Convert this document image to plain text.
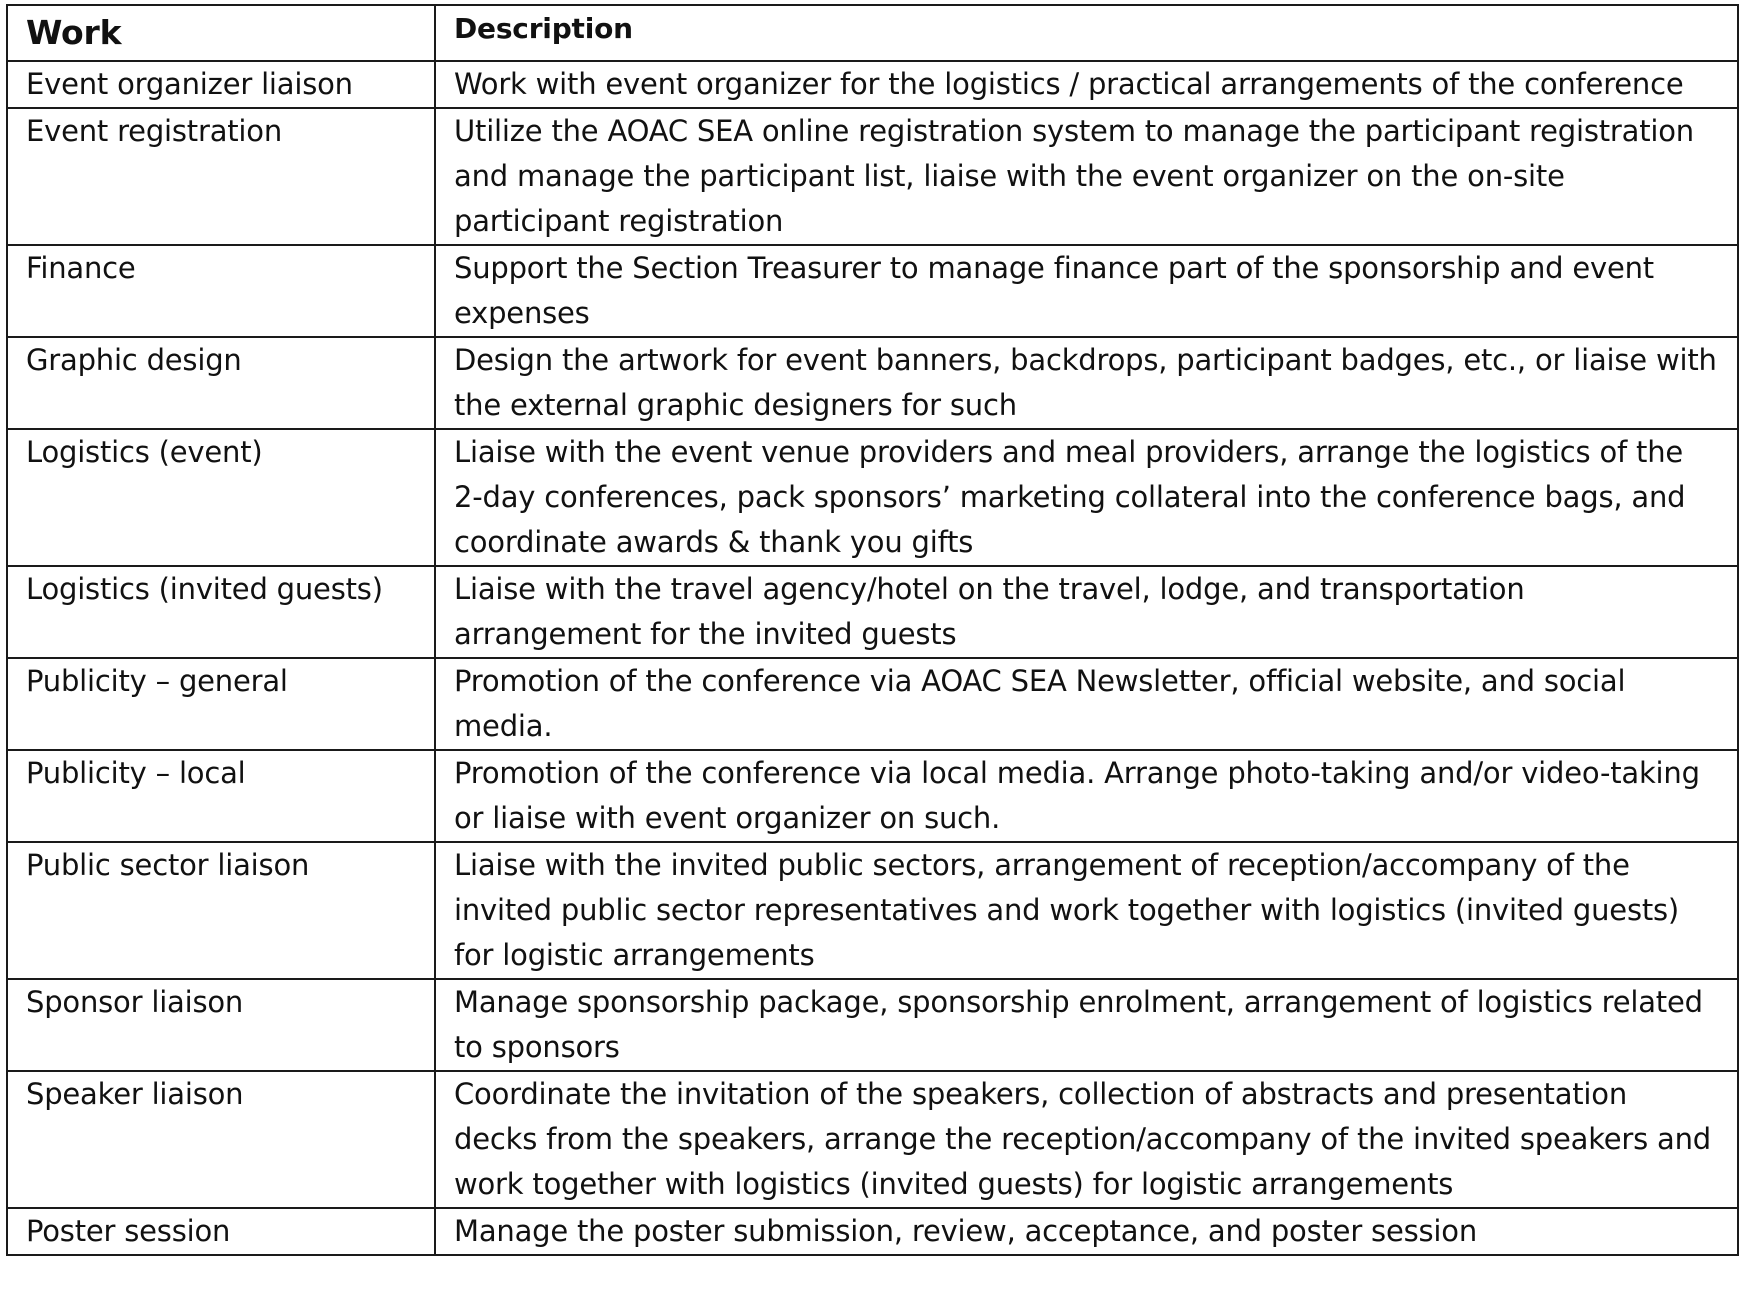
Work	Description
Event organizer liaison	Work with event organizer for the logistics / practical arrangements of the conference
Event registration	Utilize the AOAC SEA online registration system to manage the participant registration and manage the participant list, liaise with the event organizer on the on-site participant registration
Finance	Support the Section Treasurer to manage finance part of the sponsorship and event expenses
Graphic design	Design the artwork for event banners, backdrops, participant badges, etc., or liaise with the external graphic designers for such
Logistics (event)	Liaise with the event venue providers and meal providers, arrange the logistics of the 2-day conferences, pack sponsors’ marketing collateral into the conference bags, and coordinate awards & thank you gifts
Logistics (invited guests)	Liaise with the travel agency/hotel on the travel, lodge, and transportation arrangement for the invited guests
Publicity – general	Promotion of the conference via AOAC SEA Newsletter, official website, and social media.
Publicity – local	Promotion of the conference via local media. Arrange photo-taking and/or video-taking or liaise with event organizer on such.
Public sector liaison	Liaise with the invited public sectors, arrangement of reception/accompany of the invited public sector representatives and work together with logistics (invited guests) for logistic arrangements
Sponsor liaison	Manage sponsorship package, sponsorship enrolment, arrangement of logistics related to sponsors
Speaker liaison	Coordinate the invitation of the speakers, collection of abstracts and presentation decks from the speakers, arrange the reception/accompany of the invited speakers and work together with logistics (invited guests) for logistic arrangements
Poster session	Manage the poster submission, review, acceptance, and poster session
